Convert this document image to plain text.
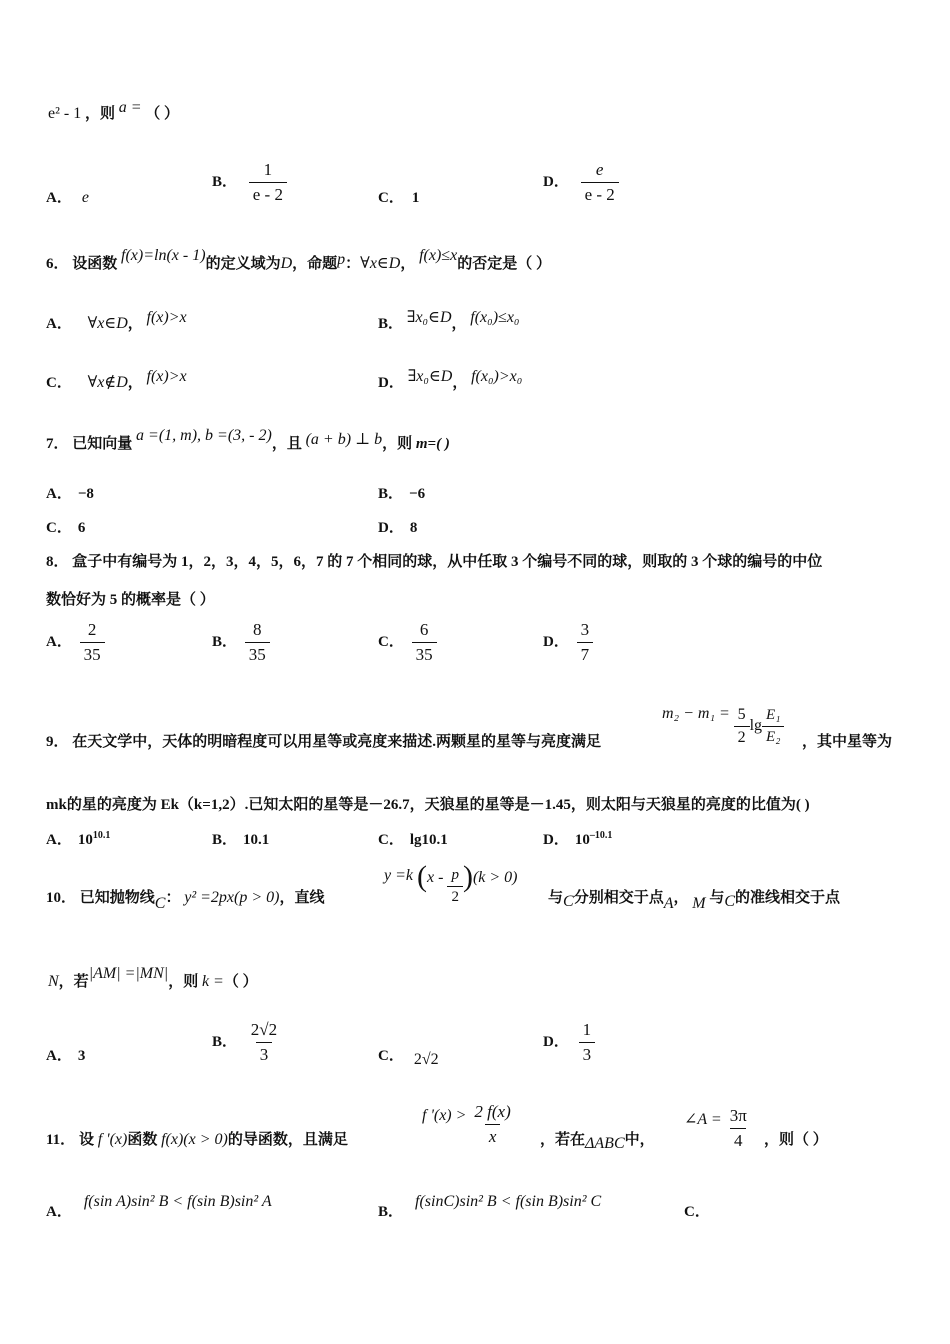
e² - 1 ，则 a = （ ）
A． e
B． $\frac{1}{e - 2}$	C． 1
D． $\frac{e}{e - 2}$
6． 设函数 f(x)=ln(x - 1)的定义域为D，命题p：∀x∈D， f(x)≤x的否定是（ ）
A． ∀x∈D， f(x)>x	B． ∃x₀∈D， f(x₀)≤x₀
C． ∀x∉D， f(x)>x	D． ∃x₀∈D， f(x₀)>x₀
7． 已知向量 a =(1, m), b =(3, - 2)，且 (a + b) ⊥ b，则 m=( )
A． −8	B． −6
C． 6	D． 8
8． 盒子中有编号为 1，2，3，4，5，6，7 的 7 个相同的球，从中任取 3 个编号不同的球，则取的 3 个球的编号的中位
数恰好为 5 的概率是（ ）
A． $\frac{2}{35}$	B． $\frac{8}{35}$	C． $\frac{6}{35}$	D． $\frac{3}{7}$
9． 在天文学中，天体的明暗程度可以用星等或亮度来描述.两颗星的星等与亮度满足
$m_2 - m_1 = \frac{5}{2}$ $\lg \frac{\text{E₁}}{\text{E₂}}$ ，其中星等为
mk的星的亮度为 Ek（k=1,2）.已知太阳的星等是－26.7，天狼星的星等是－1.45，则太阳与天狼星的亮度的比值为( )
A． $10^{10.1}$	B． 10.1	C． lg10.1	D． $10^{-10.1}$
10． 已知抛物线C： y² =2px(p > 0)，直线
y =k $(x - \frac{p}{2} )(k > 0)$
与C分别相交于点A， M 与C的准线相交于点
N，若|AM| =|MN|，则 k =（ ）
A． 3
B． $\frac{2√2}{3}$	C． 2√2
D． $\frac{1}{3}$
11． 设 f '(x)函数 f(x)(x > 0)的导函数，且满足
f '$(x) > \frac{2 f(x)}{x}$ ，若在ΔABC中，
∠A = $\frac{3\pi}{4}$ ，则（ ）
A．f(sin A)sin² B < f(sin B)sin² A
B．f(sinC)sin² B < f(sin B)sin² C
C．
